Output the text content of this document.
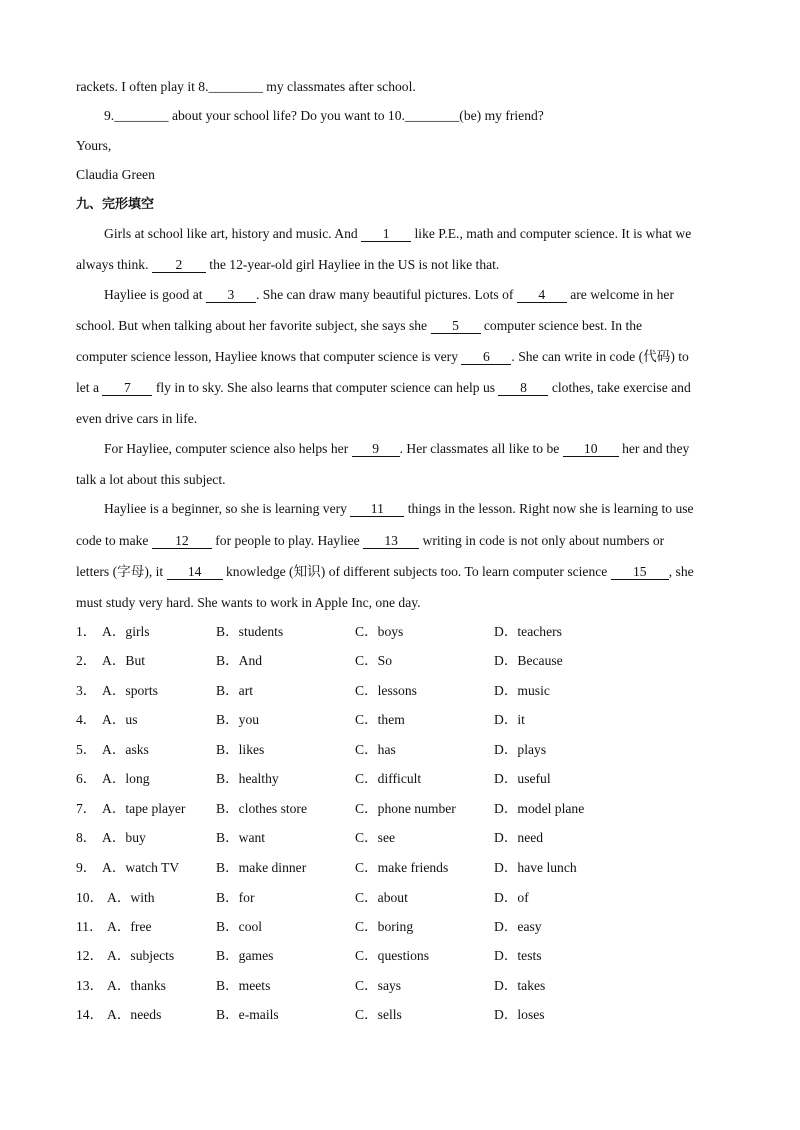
rackets. I often play it 8.________ my classmates after school.
9.________ about your school life? Do you want to 10.________(be) my friend?
Yours,
Claudia Green
九、完形填空
Girls at school like art, history and music. And 1 like P.E., math and computer science. It is what we
always think. 2 the 12-year-old girl Hayliee in the US is not like that.
Hayliee is good at 3 . She can draw many beautiful pictures. Lots of 4 are welcome in her
school. But when talking about her favorite subject, she says she 5 computer science best. In the
computer science lesson, Hayliee knows that computer science is very 6 . She can write in code (代码) to
let a 7 fly in to sky. She also learns that computer science can help us 8 clothes, take exercise and
even drive cars in life.
For Hayliee, computer science also helps her 9 . Her classmates all like to be 10 her and they
talk a lot about this subject.
Hayliee is a beginner, so she is learning very 11 things in the lesson. Right now she is learning to use
code to make 12 for people to play. Hayliee 13 writing in code is not only about numbers or
letters (字母), it 14 knowledge (知识) of different subjects too. To learn computer science 15 , she
must study very hard. She wants to work in Apple Inc, one day.
1． A．girls	B．students	C．boys	D．teachers
2． A．But	B．And	C．So	D．Because
3． A．sports	B．art	C．lessons	D．music
4． A．us	B．you	C．them	D．it
5． A．asks	B．likes	C．has	D．plays
6． A．long	B．healthy	C．difficult	D．useful
7． A．tape player B．clothes store	C．phone number	D．model plane
8． A．buy	B．want	C．see	D．need
9． A．watch TV	B．make dinner	C．make friends	D．have lunch
10． A．with	B．for	C．about	D．of
11． A．free	B．cool	C．boring	D．easy
12． A．subjects	B．games	C．questions	D．tests
13． A．thanks	B．meets	C．says	D．takes
14． A．needs	B．e-mails	C．sells	D．loses
